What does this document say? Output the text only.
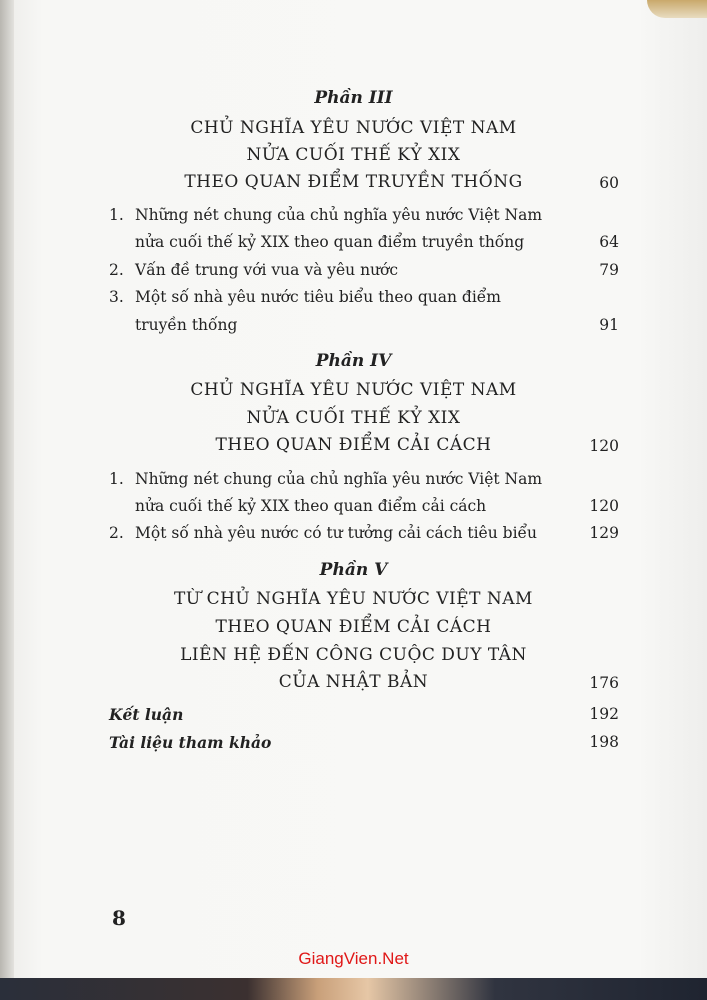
Phần III
CHỦ NGHĨA YÊU NƯỚC VIỆT NAM
NỬA CUỐI THẾ KỶ XIX
THEO QUAN ĐIỂM TRUYỀN THỐNG	60
1. Những nét chung của chủ nghĩa yêu nước Việt Nam
nửa cuối thế kỷ XIX theo quan điểm truyền thống	64
2. Vấn đề trung với vua và yêu nước	79
3. Một số nhà yêu nước tiêu biểu theo quan điểm
truyền thống	91
Phần IV
CHỦ NGHĨA YÊU NƯỚC VIỆT NAM
NỬA CUỐI THẾ KỶ XIX
THEO QUAN ĐIỂM CẢI CÁCH	120
1. Những nét chung của chủ nghĩa yêu nước Việt Nam
nửa cuối thế kỷ XIX theo quan điểm cải cách	120
2. Một số nhà yêu nước có tư tưởng cải cách tiêu biểu	129
Phần V
TỪ CHỦ NGHĨA YÊU NƯỚC VIỆT NAM
THEO QUAN ĐIỂM CẢI CÁCH
LIÊN HỆ ĐẾN CÔNG CUỘC DUY TÂN
CỦA NHẬT BẢN	176
Kết luận	192
Tài liệu tham khảo	198
8
GiangVien.Net
